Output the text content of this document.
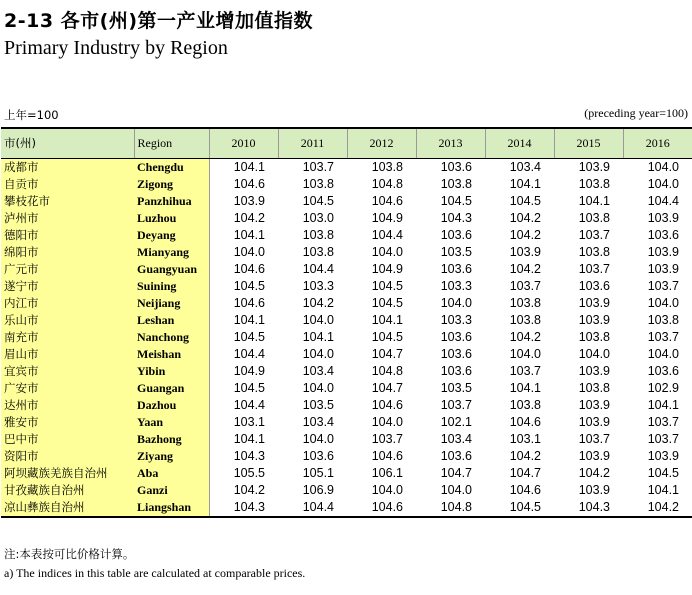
2-13 各市(州)第一产业增加值指数
Primary Industry by Region
上年=100	(preceding year=100)
市(州)	Region	2010	2011	2012	2013	2014	2015	2016
成都市	Chengdu	104.1	103.7	103.8	103.6	103.4	103.9	104.0
自贡市	Zigong	104.6	103.8	104.8	103.8	104.1	103.8	104.0
攀枝花市	Panzhihua	103.9	104.5	104.6	104.5	104.5	104.1	104.4
泸州市	Luzhou	104.2	103.0	104.9	104.3	104.2	103.8	103.9
德阳市	Deyang	104.1	103.8	104.4	103.6	104.2	103.7	103.6
绵阳市	Mianyang	104.0	103.8	104.0	103.5	103.9	103.8	103.9
广元市	Guangyuan	104.6	104.4	104.9	103.6	104.2	103.7	103.9
遂宁市	Suining	104.5	103.3	104.5	103.3	103.7	103.6	103.7
内江市	Neijiang	104.6	104.2	104.5	104.0	103.8	103.9	104.0
乐山市	Leshan	104.1	104.0	104.1	103.3	103.8	103.9	103.8
南充市	Nanchong	104.5	104.1	104.5	103.6	104.2	103.8	103.7
眉山市	Meishan	104.4	104.0	104.7	103.6	104.0	104.0	104.0
宜宾市	Yibin	104.9	103.4	104.8	103.6	103.7	103.9	103.6
广安市	Guangan	104.5	104.0	104.7	103.5	104.1	103.8	102.9
达州市	Dazhou	104.4	103.5	104.6	103.7	103.8	103.9	104.1
雅安市	Yaan	103.1	103.4	104.0	102.1	104.6	103.9	103.7
巴中市	Bazhong	104.1	104.0	103.7	103.4	103.1	103.7	103.7
资阳市	Ziyang	104.3	103.6	104.6	103.6	104.2	103.9	103.9
阿坝藏族羌族自治州	Aba	105.5	105.1	106.1	104.7	104.7	104.2	104.5
甘孜藏族自治州	Ganzi	104.2	106.9	104.0	104.0	104.6	103.9	104.1
凉山彝族自治州	Liangshan	104.3	104.4	104.6	104.8	104.5	104.3	104.2
注:本表按可比价格计算。
a) The indices in this table are calculated at comparable prices.
